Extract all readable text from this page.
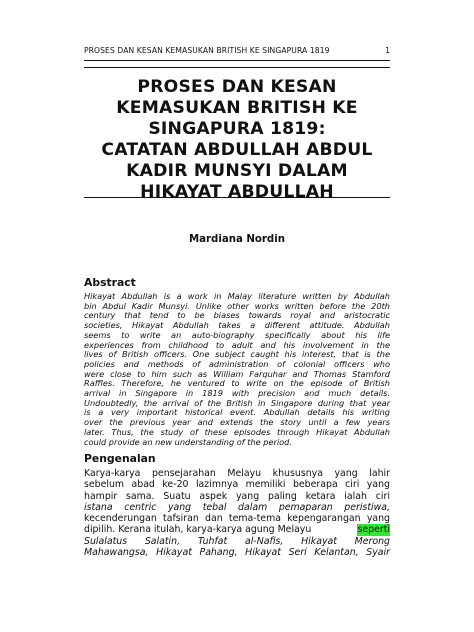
PROSES DAN KESAN KEMASUKAN BRITISH KE SINGAPURA 1819	1
PROSES DAN KESAN
KEMASUKAN BRITISH KE
SINGAPURA 1819:
CATATAN ABDULLAH ABDUL
KADIR MUNSYI DALAM
HIKAYAT ABDULLAH
Mardiana Nordin
Abstract
Hikayat Abdullah is a work in Malay literature written by Abdullah
bin Abdul Kadir Munsyi. Unlike other works written before the 20th
century that tend to be biases towards royal and aristocratic
societies, Hikayat Abdullah takes a different attitude. Abdullah
seems to write an auto-biography specifically about his life
experiences from childhood to adult and his involvement in the
lives of British officers. One subject caught his interest, that is the
policies and methods of administration of colonial officers who
were close to him such as William Farquhar and Thomas Stamford
Raffles. Therefore, he ventured to write on the episode of British
arrival in Singapore in 1819 with precision and much details.
Undoubtedly, the arrival of the British in Singapore during that year
is a very important historical event. Abdullah details his writing
over the previous year and extends the story until a few years
later. Thus, the study of these episodes through Hikayat Abdullah
could provide an new understanding of the period.
Pengenalan
Karya-karya pensejarahan Melayu khususnya yang lahir
sebelum abad ke-20 lazimnya memiliki beberapa ciri yang
hampir sama. Suatu aspek yang paling ketara ialah ciri
istana centric yang tebal dalam pemaparan peristiwa,
kecenderungan tafsiran dan tema-tema kepengarangan yang
dipilih. Kerana itulah, karya-karya agung Melayu	seperti
Sulalatus Salatin, Tuhfat al-Nafis, Hikayat Merong
Mahawangsa, Hikayat Pahang, Hikayat Seri Kelantan, Syair
